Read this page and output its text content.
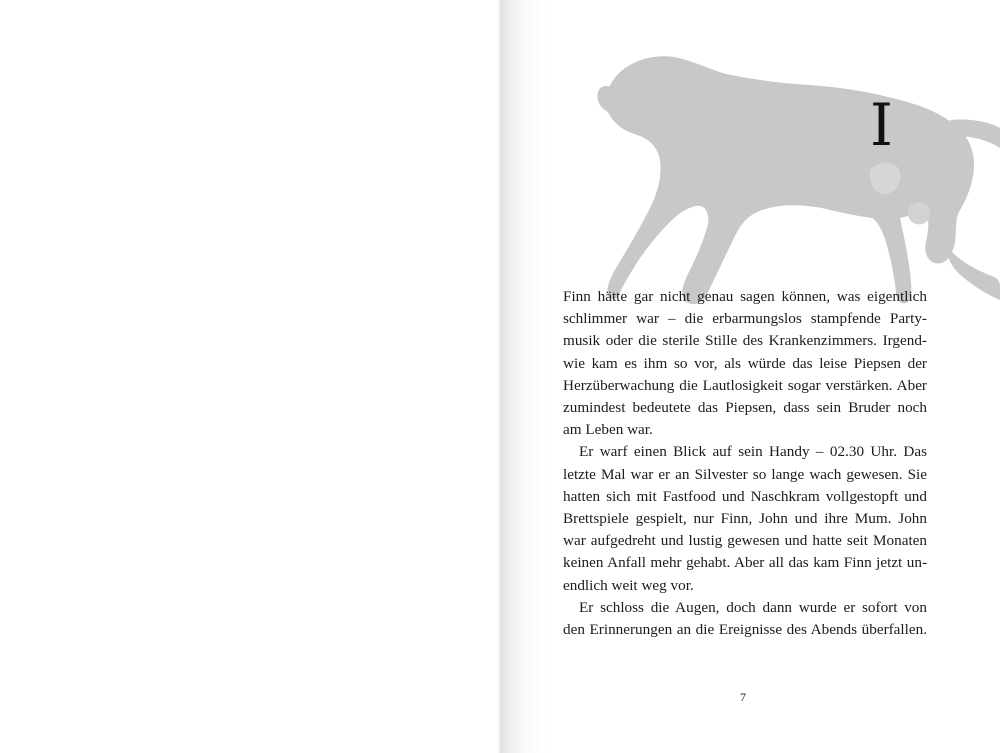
I

Finn hätte gar nicht genau sagen können, was eigentlich
schlimmer war – die erbarmungslos stampfende Party-
musik oder die sterile Stille des Krankenzimmers. Irgend-
wie kam es ihm so vor, als würde das leise Piepsen der
Herzüberwachung die Lautlosigkeit sogar verstärken. Aber
zumindest bedeutete das Piepsen, dass sein Bruder noch
am Leben war.

Er warf einen Blick auf sein Handy – 02.30 Uhr. Das
letzte Mal war er an Silvester so lange wach gewesen. Sie
hatten sich mit Fastfood und Naschkram vollgestopft und
Brettspiele gespielt, nur Finn, John und ihre Mum. John
war aufgedreht und lustig gewesen und hatte seit Monaten
keinen Anfall mehr gehabt. Aber all das kam Finn jetzt un-
endlich weit weg vor.

Er schloss die Augen, doch dann wurde er sofort von
den Erinnerungen an die Ereignisse des Abends überfallen.

7
